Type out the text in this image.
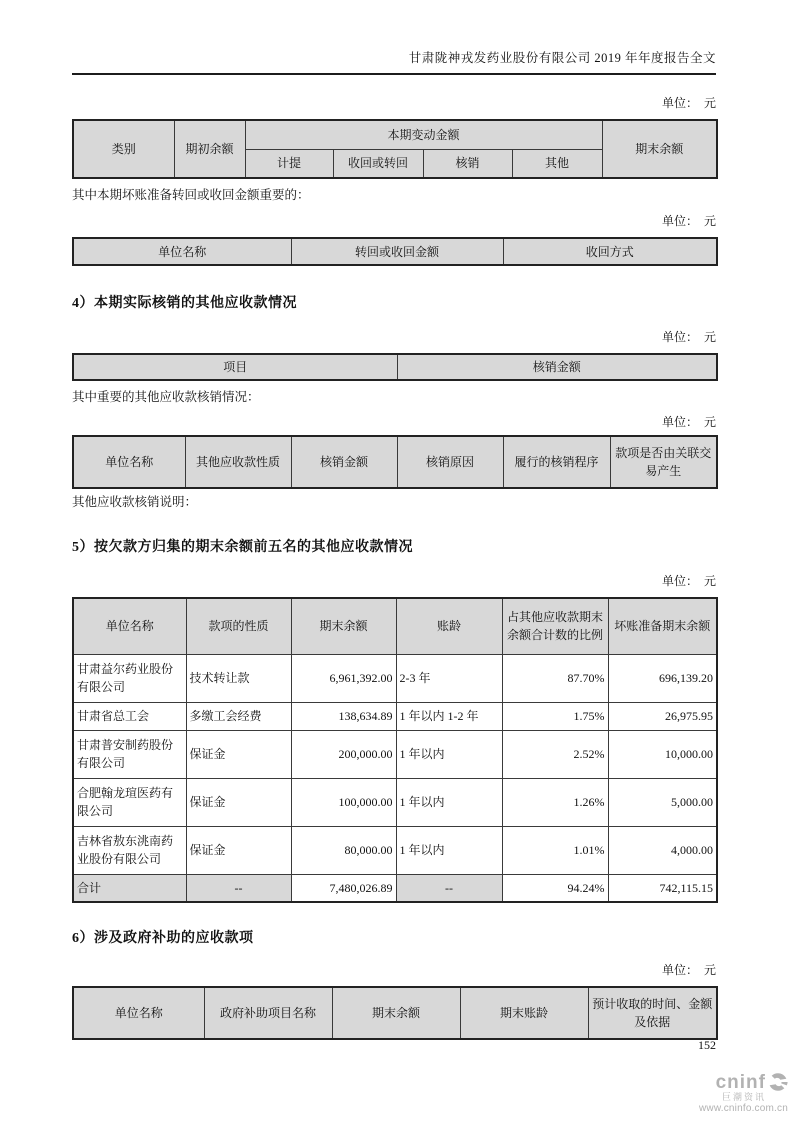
甘肃陇神戎发药业股份有限公司 2019 年年度报告全文
单位：　元
类别	期初余额	本期变动金额				期末余额
		计提	收回或转回	核销	其他	
其中本期坏账准备转回或收回金额重要的：
单位：　元
单位名称	转回或收回金额	收回方式
4）本期实际核销的其他应收款情况
单位：　元
项目	核销金额
其中重要的其他应收款核销情况：
单位：　元
单位名称	其他应收款性质	核销金额	核销原因	履行的核销程序	款项是否由关联交易产生
其他应收款核销说明：
5）按欠款方归集的期末余额前五名的其他应收款情况
单位：　元
单位名称	款项的性质	期末余额	账龄	占其他应收款期末余额合计数的比例	坏账准备期末余额
甘肃益尔药业股份有限公司	技术转让款	6,961,392.00	2-3 年	87.70%	696,139.20
甘肃省总工会	多缴工会经费	138,634.89	1 年以内 1-2 年	1.75%	26,975.95
甘肃普安制药股份有限公司	保证金	200,000.00	1 年以内	2.52%	10,000.00
合肥翰龙瑄医药有限公司	保证金	100,000.00	1 年以内	1.26%	5,000.00
吉林省敖东洮南药业股份有限公司	保证金	80,000.00	1 年以内	1.01%	4,000.00
合计	--	7,480,026.89	--	94.24%	742,115.15
6）涉及政府补助的应收款项
单位：　元
单位名称	政府补助项目名称	期末余额	期末账龄	预计收取的时间、金额及依据
152
cninf
巨潮资讯
www.cninfo.com.cn
